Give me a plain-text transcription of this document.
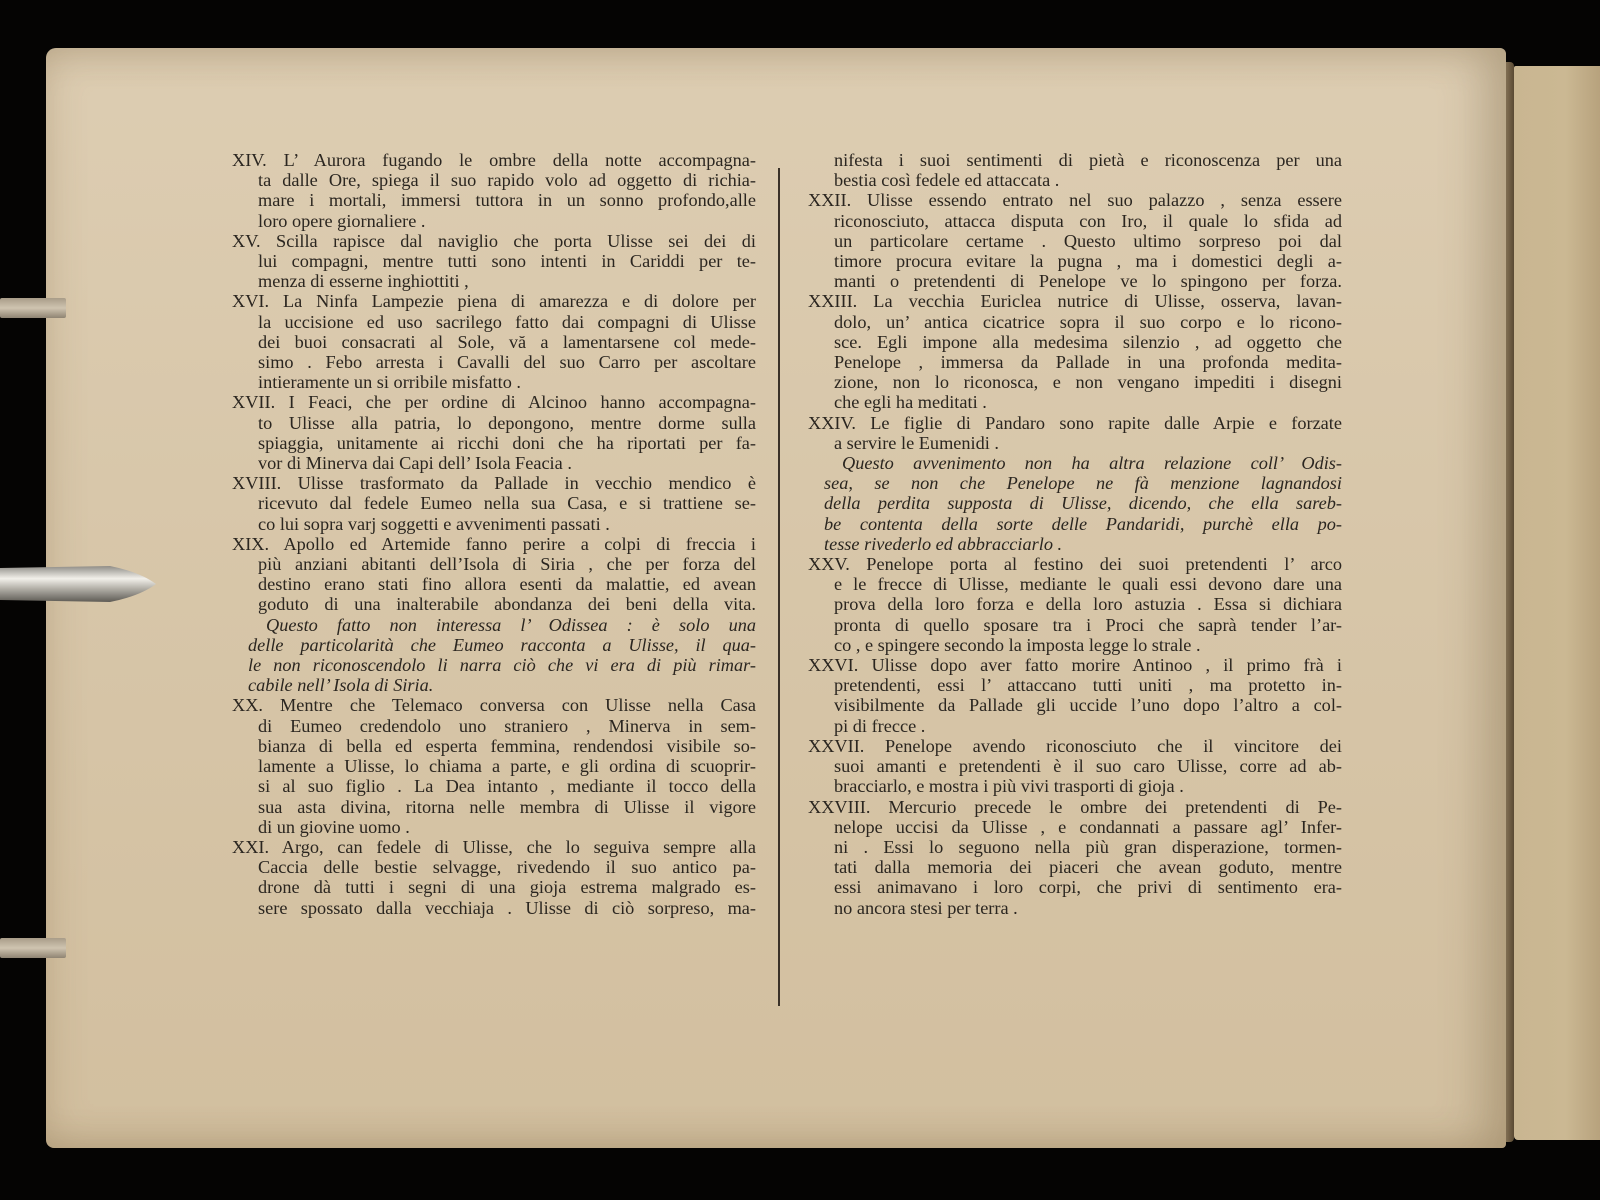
XIV. L’ Aurora fugando le ombre della notte accompagna-
ta dalle Ore, spiega il suo rapido volo ad oggetto di richia-
mare i mortali, immersi tuttora in un sonno profondo,alle
loro opere giornaliere .
XV. Scilla rapisce dal naviglio che porta Ulisse sei dei di
lui compagni, mentre tutti sono intenti in Cariddi per te-
menza di esserne inghiottiti ,
XVI. La Ninfa Lampezie piena di amarezza e di dolore per
la uccisione ed uso sacrilego fatto dai compagni di Ulisse
dei buoi consacrati al Sole, vă a lamentarsene col mede-
simo . Febo arresta i Cavalli del suo Carro per ascoltare
intieramente un si orribile misfatto .
XVII. I Feaci, che per ordine di Alcinoo hanno accompagna-
to Ulisse alla patria, lo depongono, mentre dorme sulla
spiaggia, unitamente ai ricchi doni che ha riportati per fa-
vor di Minerva dai Capi dell’ Isola Feacia .
XVIII. Ulisse trasformato da Pallade in vecchio mendico è
ricevuto dal fedele Eumeo nella sua Casa, e si trattiene se-
co lui sopra varj soggetti e avvenimenti passati .
XIX. Apollo ed Artemide fanno perire a colpi di freccia i
più anziani abitanti dell’Isola di Siria , che per forza del
destino erano stati fino allora esenti da malattie, ed avean
goduto di una inalterabile abondanza dei beni della vita.
Questo fatto non interessa l’ Odissea : è solo una
delle particolarità che Eumeo racconta a Ulisse, il qua-
le non riconoscendolo li narra ciò che vi era di più rimar-
cabile nell’ Isola di Siria.
XX. Mentre che Telemaco conversa con Ulisse nella Casa
di Eumeo credendolo uno straniero , Minerva in sem-
bianza di bella ed esperta femmina, rendendosi visibile so-
lamente a Ulisse, lo chiama a parte, e gli ordina di scuoprir-
si al suo figlio . La Dea intanto , mediante il tocco della
sua asta divina, ritorna nelle membra di Ulisse il vigore
di un giovine uomo .
XXI. Argo, can fedele di Ulisse, che lo seguiva sempre alla
Caccia delle bestie selvagge, rivedendo il suo antico pa-
drone dà tutti i segni di una gioja estrema malgrado es-
sere spossato dalla vecchiaja . Ulisse di ciò sorpreso, ma-
nifesta i suoi sentimenti di pietà e riconoscenza per una
bestia così fedele ed attaccata .
XXII. Ulisse essendo entrato nel suo palazzo , senza essere
riconosciuto, attacca disputa con Iro, il quale lo sfida ad
un particolare certame . Questo ultimo sorpreso poi dal
timore procura evitare la pugna , ma i domestici degli a-
manti o pretendenti di Penelope ve lo spingono per forza.
XXIII. La vecchia Euriclea nutrice di Ulisse, osserva, lavan-
dolo, un’ antica cicatrice sopra il suo corpo e lo ricono-
sce. Egli impone alla medesima silenzio , ad oggetto che
Penelope , immersa da Pallade in una profonda medita-
zione, non lo riconosca, e non vengano impediti i disegni
che egli ha meditati .
XXIV. Le figlie di Pandaro sono rapite dalle Arpie e forzate
a servire le Eumenidi .
Questo avvenimento non ha altra relazione coll’ Odis-
sea, se non che Penelope ne fà menzione lagnandosi
della perdita supposta di Ulisse, dicendo, che ella sareb-
be contenta della sorte delle Pandaridi, purchè ella po-
tesse rivederlo ed abbracciarlo .
XXV. Penelope porta al festino dei suoi pretendenti l’ arco
e le frecce di Ulisse, mediante le quali essi devono dare una
prova della loro forza e della loro astuzia . Essa si dichiara
pronta di quello sposare tra i Proci che saprà tender l’ar-
co , e spingere secondo la imposta legge lo strale .
XXVI. Ulisse dopo aver fatto morire Antinoo , il primo frà i
pretendenti, essi l’ attaccano tutti uniti , ma protetto in-
visibilmente da Pallade gli uccide l’uno dopo l’altro a col-
pi di frecce .
XXVII. Penelope avendo riconosciuto che il vincitore dei
suoi amanti e pretendenti è il suo caro Ulisse, corre ad ab-
bracciarlo, e mostra i più vivi trasporti di gioja .
XXVIII. Mercurio precede le ombre dei pretendenti di Pe-
nelope uccisi da Ulisse , e condannati a passare agl’ Infer-
ni . Essi lo seguono nella più gran disperazione, tormen-
tati dalla memoria dei piaceri che avean goduto, mentre
essi animavano i loro corpi, che privi di sentimento era-
no ancora stesi per terra .
